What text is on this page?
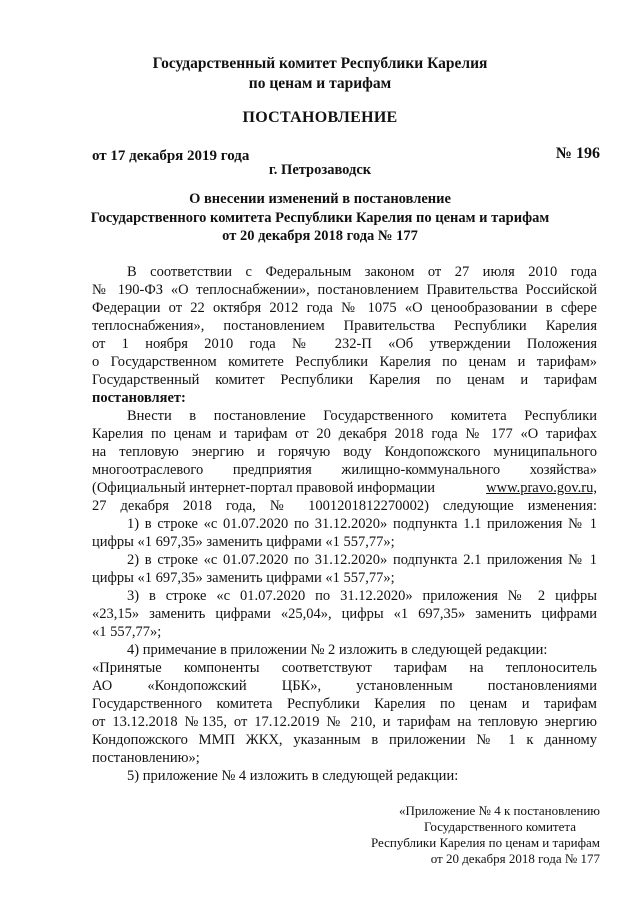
Государственный комитет Республики Карелия
по ценам и тарифам
ПОСТАНОВЛЕНИЕ
от 17 декабря 2019 года	№ 196
г. Петрозаводск
О внесении изменений в постановление
Государственного комитета Республики Карелия по ценам и тарифам
от 20 декабря 2018 года № 177
В соответствии с Федеральным законом от 27 июля 2010 года
№ 190-ФЗ «О теплоснабжении», постановлением Правительства Российской
Федерации от 22 октября 2012 года № 1075 «О ценообразовании в сфере
теплоснабжения», постановлением Правительства Республики Карелия
от 1 ноября 2010 года № 232-П «Об утверждении Положения
о Государственном комитете Республики Карелия по ценам и тарифам»
Государственный комитет Республики Карелия по ценам и тарифам
постановляет:
Внести в постановление Государственного комитета Республики
Карелия по ценам и тарифам от 20 декабря 2018 года № 177 «О тарифах
на тепловую энергию и горячую воду Кондопожского муниципального
многоотраслевого предприятия жилищно-коммунального хозяйства»
(Официальный интернет-портал правовой информации	www.pravo.gov.ru,
27 декабря 2018 года, № 1001201812270002) следующие изменения:
1) в строке «с 01.07.2020 по 31.12.2020» подпункта 1.1 приложения № 1
цифры «1 697,35» заменить цифрами «1 557,77»;
2) в строке «с 01.07.2020 по 31.12.2020» подпункта 2.1 приложения № 1
цифры «1 697,35» заменить цифрами «1 557,77»;
3) в строке «с 01.07.2020 по 31.12.2020» приложения № 2 цифры
«23,15» заменить цифрами «25,04», цифры «1 697,35» заменить цифрами
«1 557,77»;
4) примечание в приложении № 2 изложить в следующей редакции:
«Принятые компоненты соответствуют тарифам на теплоноситель
АО «Кондопожский ЦБК», установленным постановлениями
Государственного комитета Республики Карелия по ценам и тарифам
от 13.12.2018 №135, от 17.12.2019 № 210, и тарифам на тепловую энергию
Кондопожского ММП ЖКХ, указанным в приложении № 1 к данному
постановлению»;
5) приложение № 4 изложить в следующей редакции:
«Приложение № 4 к постановлению
Государственного комитета
Республики Карелия по ценам и тарифам
от 20 декабря 2018 года № 177
